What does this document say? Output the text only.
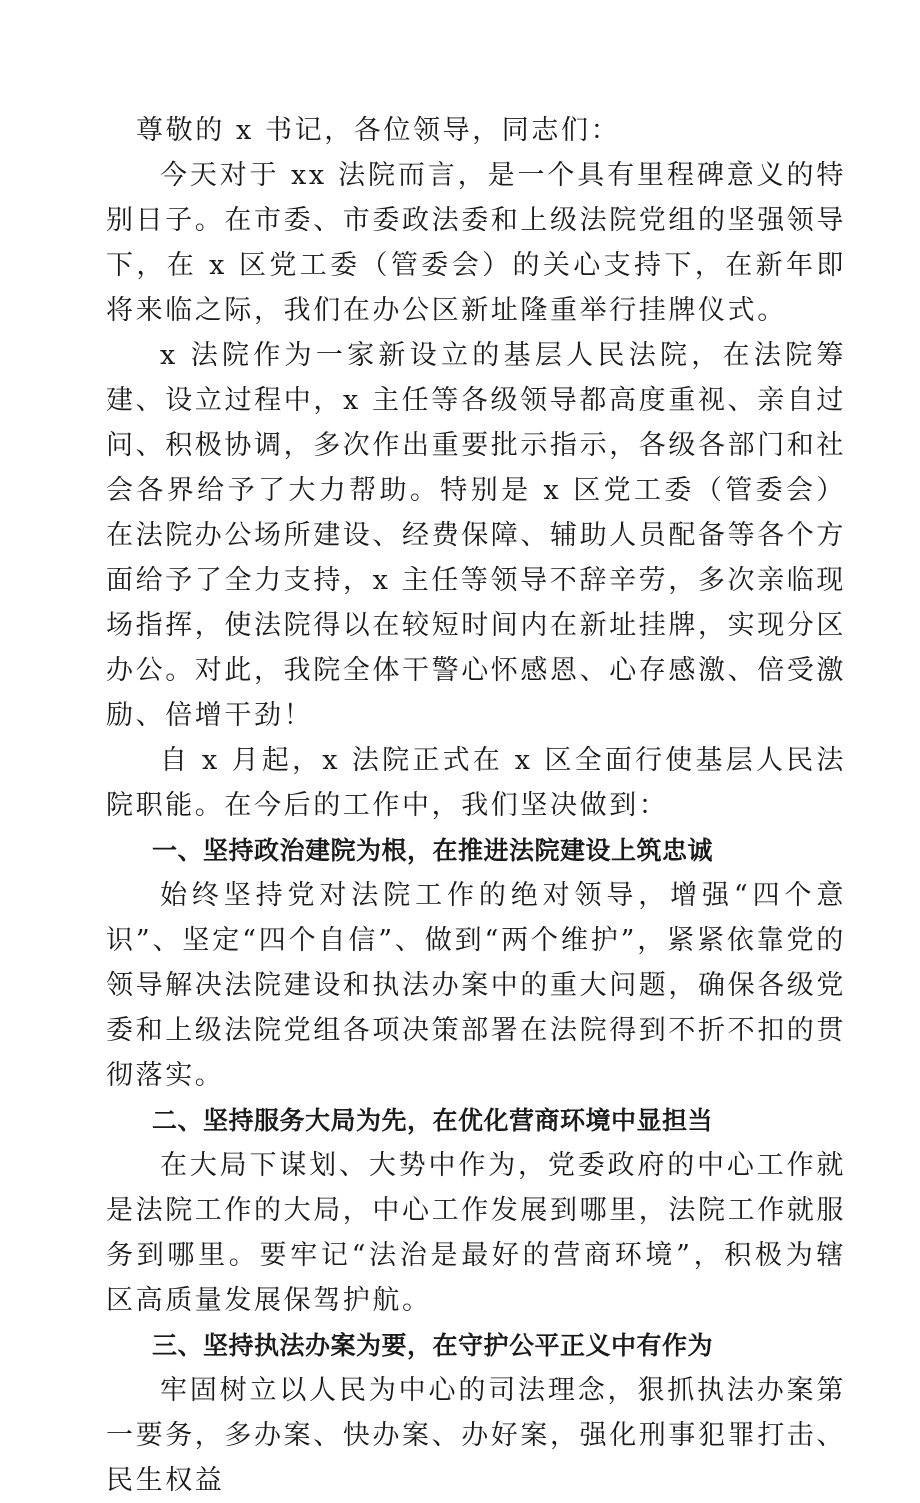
尊敬的 x 书记，各位领导，同志们：

今天对于 xx 法院而言，是一个具有里程碑意义的特别日子。在市委、市委政法委和上级法院党组的坚强领导下，在 x 区党工委（管委会）的关心支持下，在新年即将来临之际，我们在办公区新址隆重举行挂牌仪式。

x 法院作为一家新设立的基层人民法院，在法院筹建、设立过程中，x 主任等各级领导都高度重视、亲自过问、积极协调，多次作出重要批示指示，各级各部门和社会各界给予了大力帮助。特别是 x 区党工委（管委会）在法院办公场所建设、经费保障、辅助人员配备等各个方面给予了全力支持，x 主任等领导不辞辛劳，多次亲临现场指挥，使法院得以在较短时间内在新址挂牌，实现分区办公。对此，我院全体干警心怀感恩、心存感激、倍受激励、倍增干劲！

自 x 月起，x 法院正式在 x 区全面行使基层人民法院职能。在今后的工作中，我们坚决做到：

一、坚持政治建院为根，在推进法院建设上筑忠诚

始终坚持党对法院工作的绝对领导，增强“四个意识”、坚定“四个自信”、做到“两个维护”，紧紧依靠党的领导解决法院建设和执法办案中的重大问题，确保各级党委和上级法院党组各项决策部署在法院得到不折不扣的贯彻落实。

二、坚持服务大局为先，在优化营商环境中显担当

在大局下谋划、大势中作为，党委政府的中心工作就是法院工作的大局，中心工作发展到哪里，法院工作就服务到哪里。要牢记“法治是最好的营商环境”，积极为辖区高质量发展保驾护航。

三、坚持执法办案为要，在守护公平正义中有作为

牢固树立以人民为中心的司法理念，狠抓执法办案第一要务，多办案、快办案、办好案，强化刑事犯罪打击、民生权益
